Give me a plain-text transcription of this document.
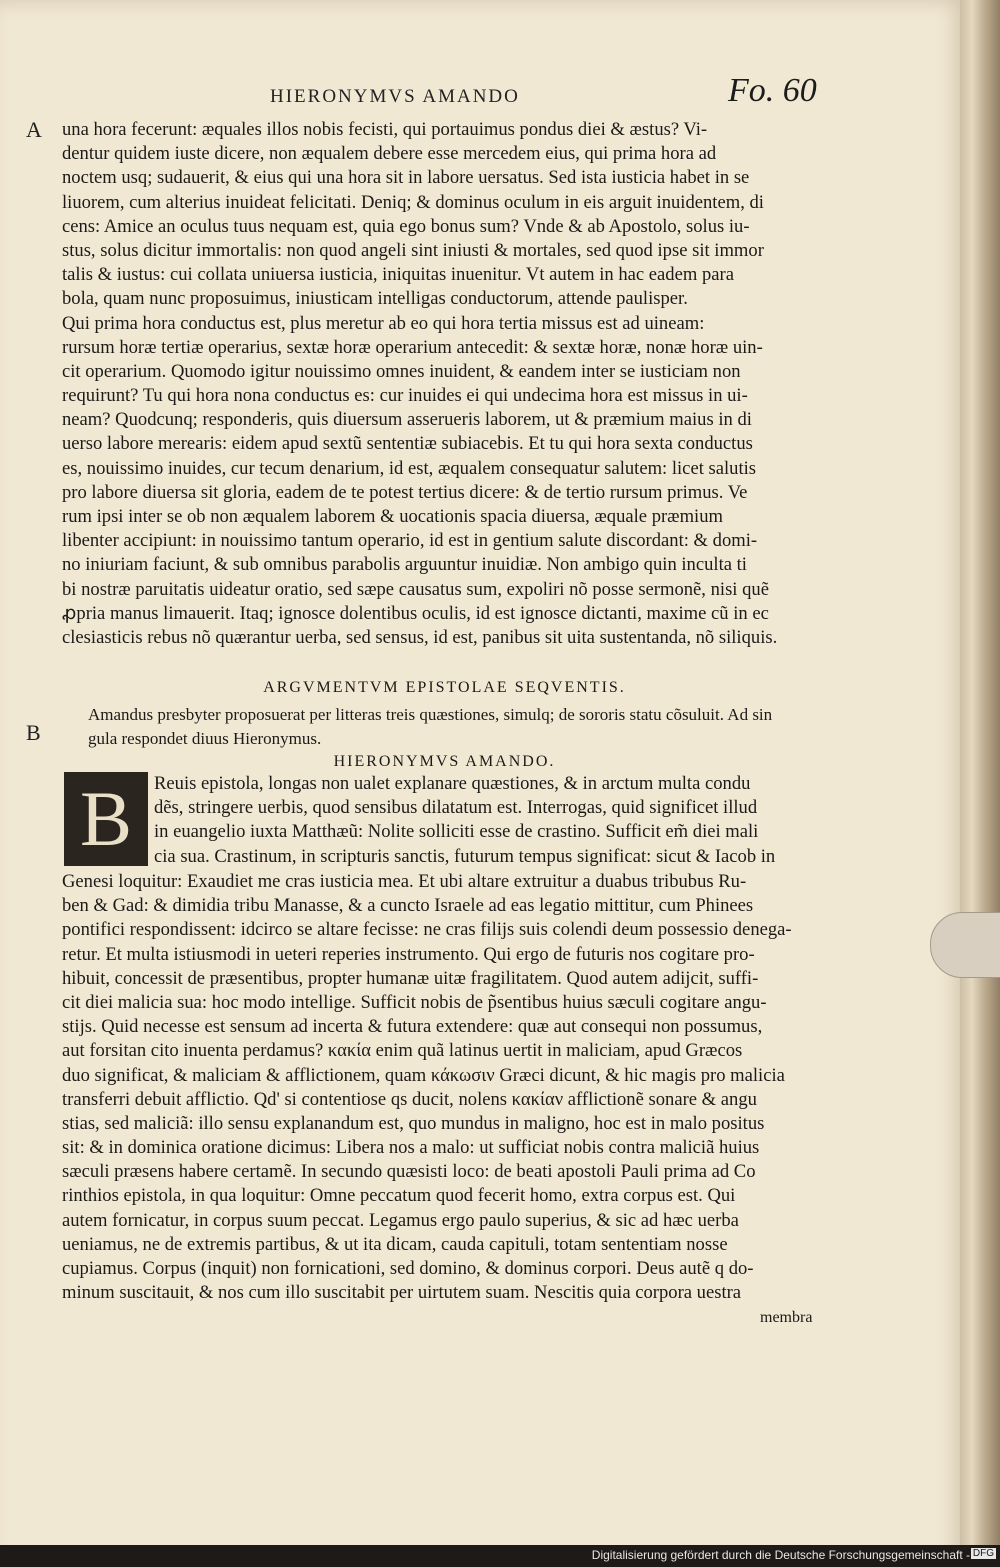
HIERONYMVS AMANDO	Fo. 60
A
B
una hora fecerunt: æquales illos nobis fecisti, qui portauimus pondus diei & æstus? Vi-
dentur quidem iuste dicere, non æqualem debere esse mercedem eius, qui prima hora ad
noctem usq; sudauerit, & eius qui una hora sit in labore uersatus. Sed ista iusticia habet in se
liuorem, cum alterius inuideat felicitati. Deniq; & dominus oculum in eis arguit inuidentem, di
cens: Amice an oculus tuus nequam est, quia ego bonus sum? Vnde & ab Apostolo, solus iu-
stus, solus dicitur immortalis: non quod angeli sint iniusti & mortales, sed quod ipse sit immor
talis & iustus: cui collata uniuersa iusticia, iniquitas inuenitur. Vt autem in hac eadem para
bola, quam nunc proposuimus, iniusticam intelligas conductorum, attende paulisper.
Qui prima hora conductus est, plus meretur ab eo qui hora tertia missus est ad uineam:
rursum horæ tertiæ operarius, sextæ horæ operarium antecedit: & sextæ horæ, nonæ horæ uin-
cit operarium. Quomodo igitur nouissimo omnes inuident, & eandem inter se iusticiam non
requirunt? Tu qui hora nona conductus es: cur inuides ei qui undecima hora est missus in ui-
neam? Quodcunq; responderis, quis diuersum asserueris laborem, ut & præmium maius in di
uerso labore merearis: eidem apud sextũ sententiæ subiacebis. Et tu qui hora sexta conductus
es, nouissimo inuides, cur tecum denarium, id est, æqualem consequatur salutem: licet salutis
pro labore diuersa sit gloria, eadem de te potest tertius dicere: & de tertio rursum primus. Ve
rum ipsi inter se ob non æqualem laborem & uocationis spacia diuersa, æquale præmium
libenter accipiunt: in nouissimo tantum operario, id est in gentium salute discordant: & domi-
no iniuriam faciunt, & sub omnibus parabolis arguuntur inuidiæ. Non ambigo quin inculta ti
bi nostræ paruitatis uideatur oratio, sed sæpe causatus sum, expoliri nõ posse sermonẽ, nisi quẽ
ꝓpria manus limauerit. Itaq; ignosce dolentibus oculis, id est ignosce dictanti, maxime cũ in ec
clesiasticis rebus nõ quærantur uerba, sed sensus, id est, panibus sit uita sustentanda, nõ siliquis.
ARGVMENTVM EPISTOLAE SEQVENTIS.
Amandus presbyter proposuerat per litteras treis quæstiones, simulq; de sororis statu cõsuluit. Ad sin
gula respondet diuus Hieronymus.
HIERONYMVS AMANDO.
B	Reuis epistola, longas non ualet explanare quæstiones, & in arctum multa condu
dẽs, stringere uerbis, quod sensibus dilatatum est. Interrogas, quid significet illud
in euangelio iuxta Matthæũ: Nolite solliciti esse de crastino. Sufficit em̃ diei mali
cia sua. Crastinum, in scripturis sanctis, futurum tempus significat: sicut & Iacob in
Genesi loquitur: Exaudiet me cras iusticia mea. Et ubi altare extruitur a duabus tribubus Ru-
ben & Gad: & dimidia tribu Manasse, & a cuncto Israele ad eas legatio mittitur, cum Phinees
pontifici respondissent: idcirco se altare fecisse: ne cras filijs suis colendi deum possessio denega-
retur. Et multa istiusmodi in ueteri reperies instrumento. Qui ergo de futuris nos cogitare pro-
hibuit, concessit de præsentibus, propter humanæ uitæ fragilitatem. Quod autem adijcit, suffi-
cit diei malicia sua: hoc modo intellige. Sufficit nobis de p̃sentibus huius sæculi cogitare angu-
stijs. Quid necesse est sensum ad incerta & futura extendere: quæ aut consequi non possumus,
aut forsitan cito inuenta perdamus? κακία enim quã latinus uertit in maliciam, apud Græcos
duo significat, & maliciam & afflictionem, quam κάκωσιν Græci dicunt, & hic magis pro malicia
transferri debuit afflictio. Qd' si contentiose qs ducit, nolens κακίαν afflictionẽ sonare & angu
stias, sed maliciã: illo sensu explanandum est, quo mundus in maligno, hoc est in malo positus
sit: & in dominica oratione dicimus: Libera nos a malo: ut sufficiat nobis contra maliciã huius
sæculi præsens habere certamẽ. In secundo quæsisti loco: de beati apostoli Pauli prima ad Co
rinthios epistola, in qua loquitur: Omne peccatum quod fecerit homo, extra corpus est. Qui
autem fornicatur, in corpus suum peccat. Legamus ergo paulo superius, & sic ad hæc uerba
ueniamus, ne de extremis partibus, & ut ita dicam, cauda capituli, totam sententiam nosse
cupiamus. Corpus (inquit) non fornicationi, sed domino, & dominus corpori. Deus autẽ q do-
minum suscitauit, & nos cum illo suscitabit per uirtutem suam. Nescitis quia corpora uestra
membra
Digitalisierung gefördert durch die Deutsche Forschungsgemeinschaft - DFG
